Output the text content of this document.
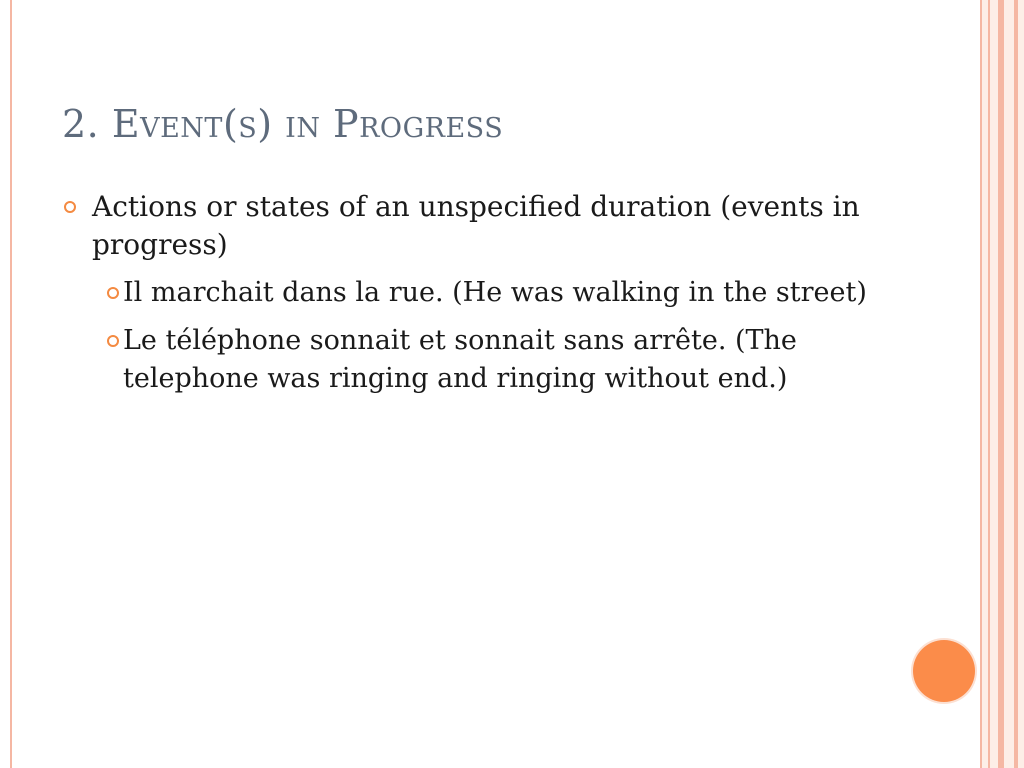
2. Event(s) in Progress
Actions or states of an unspecified duration (events in progress)
Il marchait dans la rue. (He was walking in the street)
Le téléphone sonnait et sonnait sans arrête. (The telephone was ringing and ringing without end.)
